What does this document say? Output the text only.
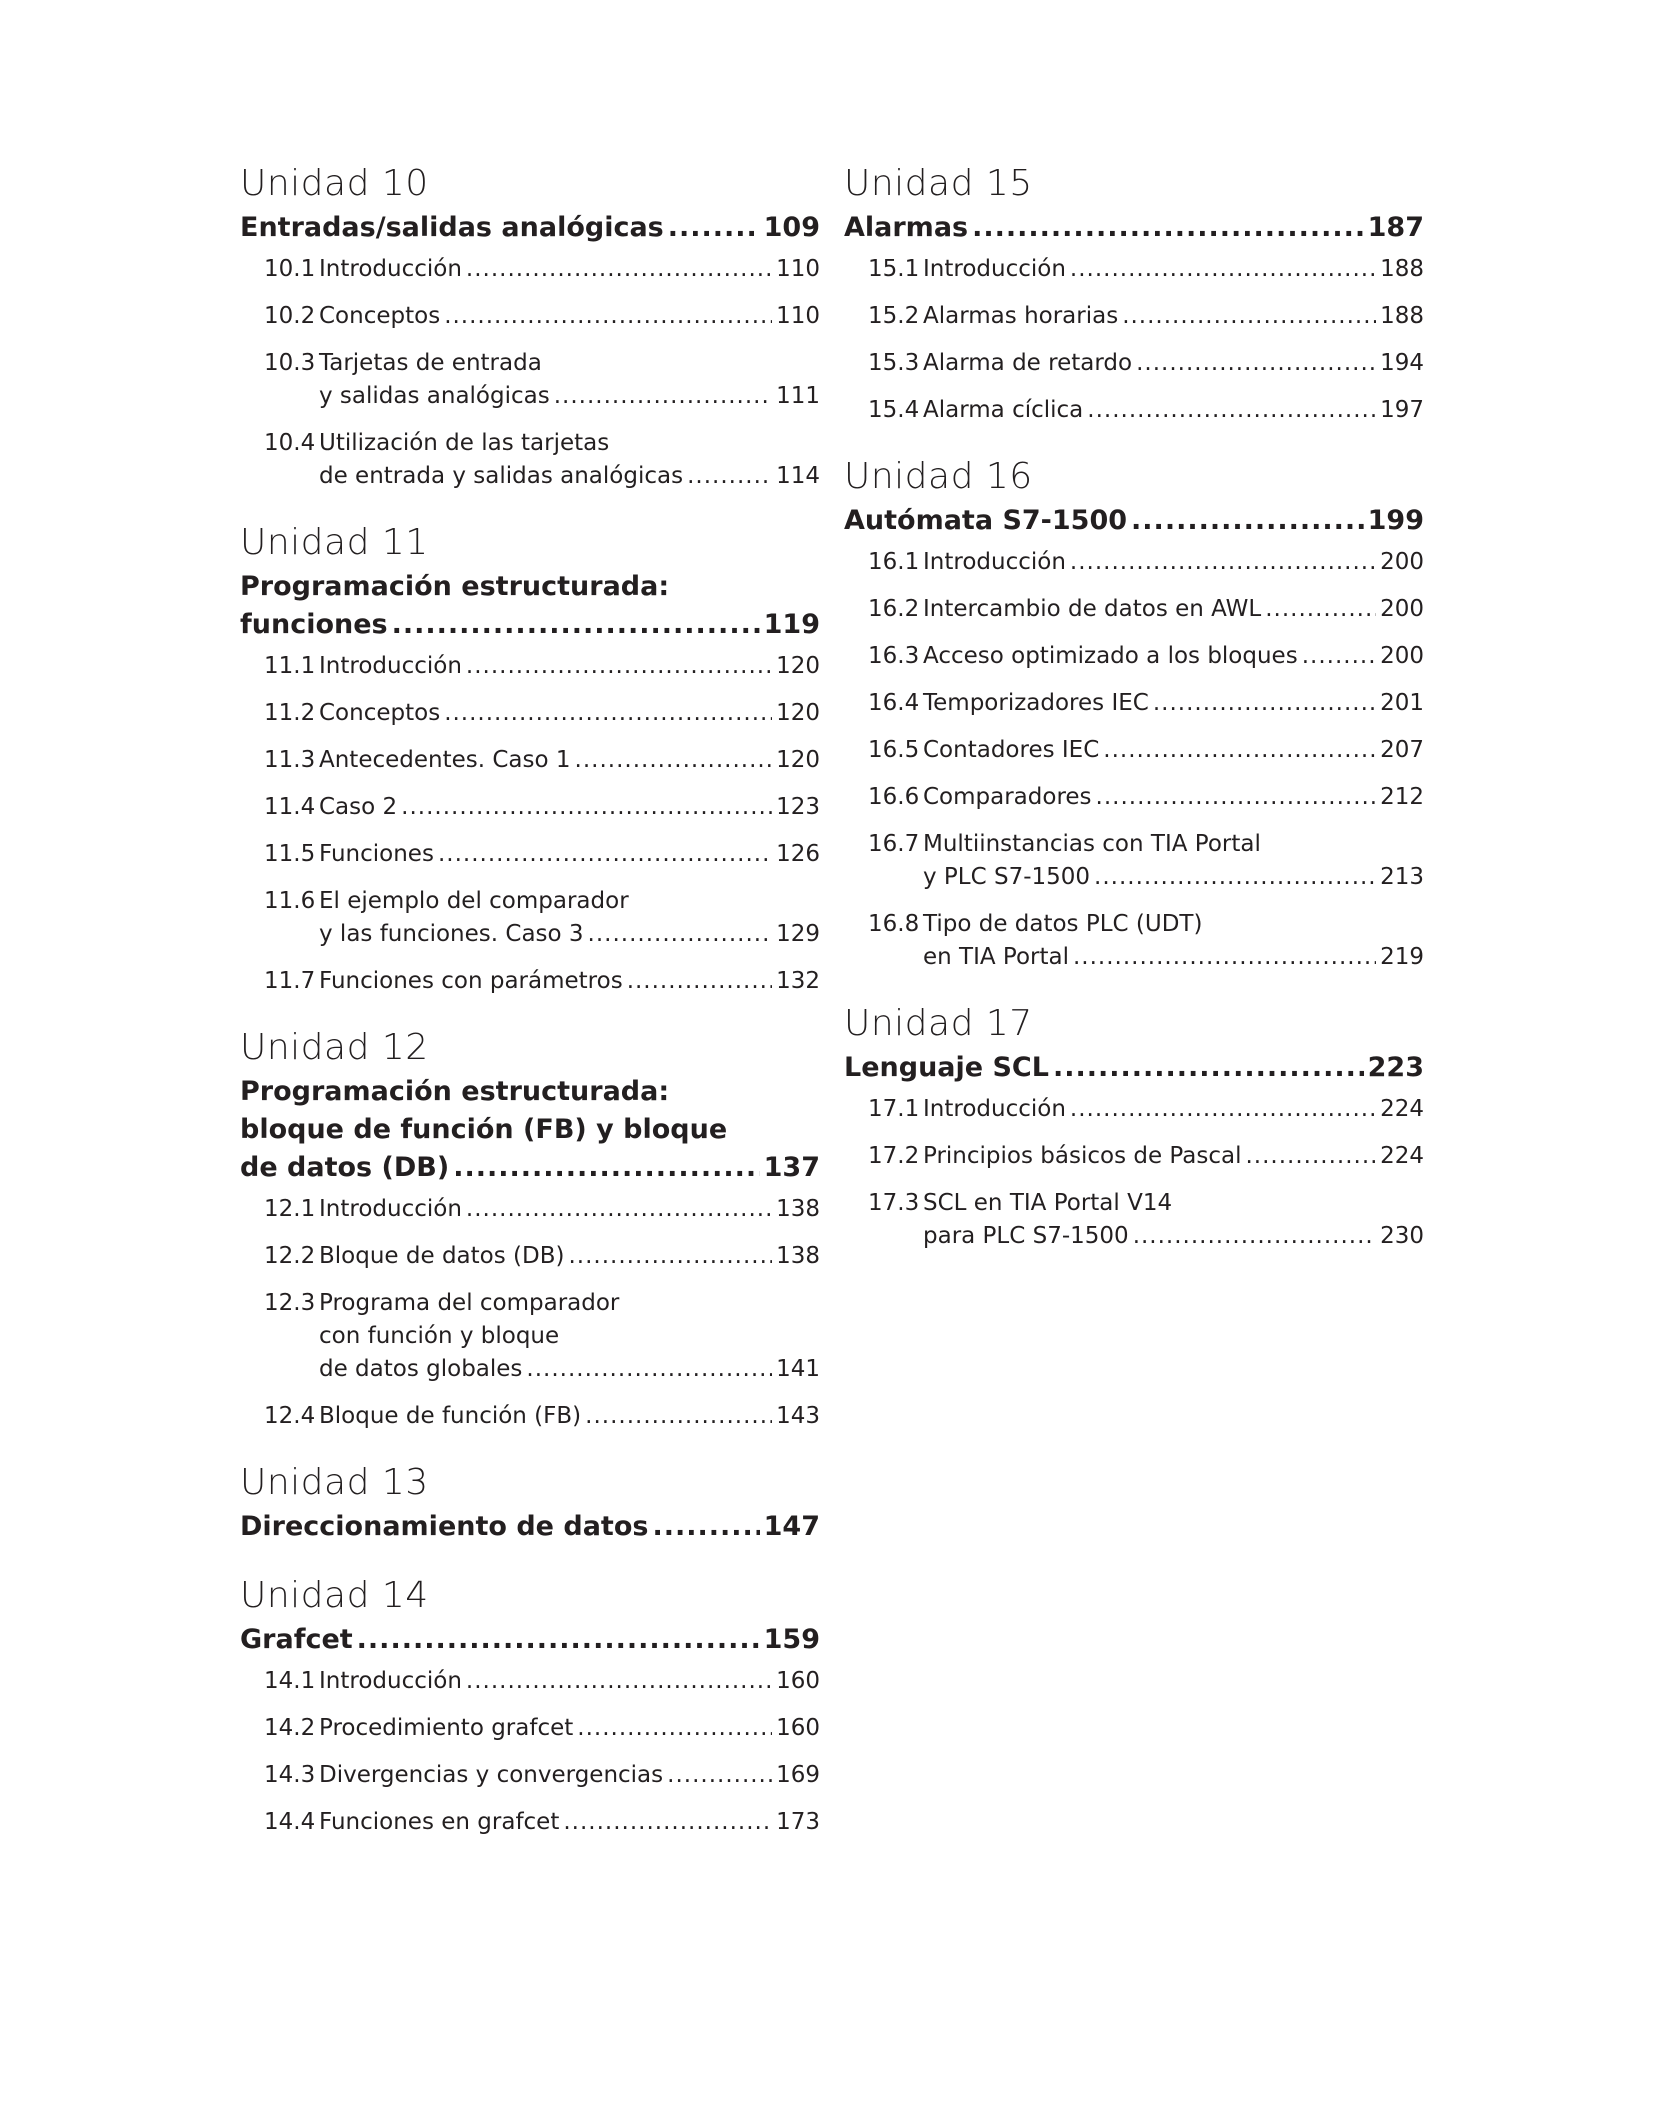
Unidad 10
Entradas/salidas analógicas .....	109
10.1 Introducción .....	110
10.2 Conceptos .....	110
10.3 Tarjetas de entrada
y salidas analógicas .....	111
10.4 Utilización de las tarjetas
de entrada y salidas analógicas .....	114
Unidad 11
Programación estructurada:
funciones .....	119
11.1 Introducción .....	120
11.2 Conceptos .....	120
11.3 Antecedentes. Caso 1 .....	120
11.4 Caso 2 .....	123
11.5 Funciones .....	126
11.6 El ejemplo del comparador
y las funciones. Caso 3 .....	129
11.7 Funciones con parámetros .....	132
Unidad 12
Programación estructurada:
bloque de función (FB) y bloque
de datos (DB) .....	137
12.1 Introducción .....	138
12.2 Bloque de datos (DB) .....	138
12.3 Programa del comparador
con función y bloque
de datos globales .....	141
12.4 Bloque de función (FB) .....	143
Unidad 13
Direccionamiento de datos .....	147
Unidad 14
Grafcet .....	159
14.1 Introducción .....	160
14.2 Procedimiento grafcet .....	160
14.3 Divergencias y convergencias .....	169
14.4 Funciones en grafcet .....	173
Unidad 15
Alarmas .....	187
15.1 Introducción .....	188
15.2 Alarmas horarias .....	188
15.3 Alarma de retardo .....	194
15.4 Alarma cíclica .....	197
Unidad 16
Autómata S7-1500 .....	199
16.1 Introducción .....	200
16.2 Intercambio de datos en AWL .....	200
16.3 Acceso optimizado a los bloques .....	200
16.4 Temporizadores IEC .....	201
16.5 Contadores IEC .....	207
16.6 Comparadores .....	212
16.7 Multiinstancias con TIA Portal
y PLC S7-1500 .....	213
16.8 Tipo de datos PLC (UDT)
en TIA Portal .....	219
Unidad 17
Lenguaje SCL .....	223
17.1 Introducción .....	224
17.2 Principios básicos de Pascal .....	224
17.3 SCL en TIA Portal V14
para PLC S7-1500 .....	230
